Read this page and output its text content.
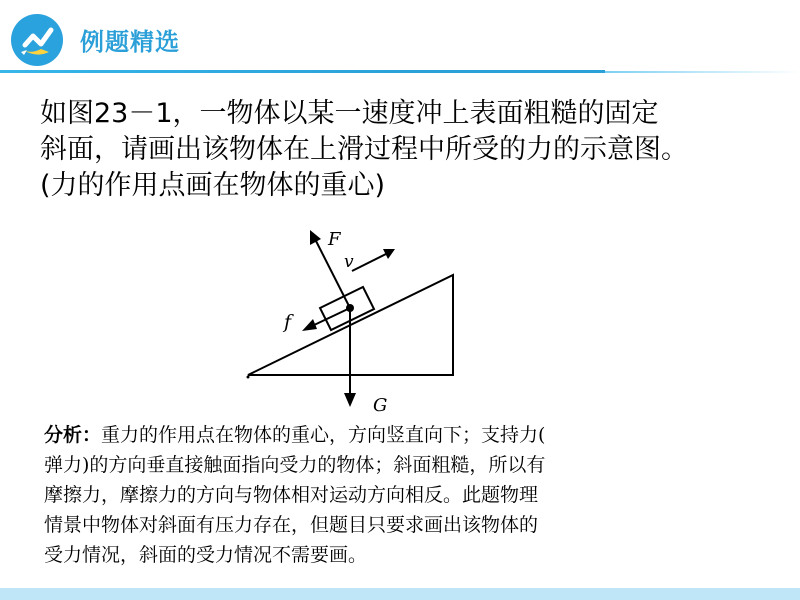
例题精选
如图23－1，一物体以某一速度冲上表面粗糙的固定
斜面，请画出该物体在上滑过程中所受的力的示意图。
(力的作用点画在物体的重心)
F
v
f
G
分析：重力的作用点在物体的重心，方向竖直向下；支持力(
弹力)的方向垂直接触面指向受力的物体；斜面粗糙，所以有
摩擦力，摩擦力的方向与物体相对运动方向相反。此题物理
情景中物体对斜面有压力存在，但题目只要求画出该物体的
受力情况，斜面的受力情况不需要画。
